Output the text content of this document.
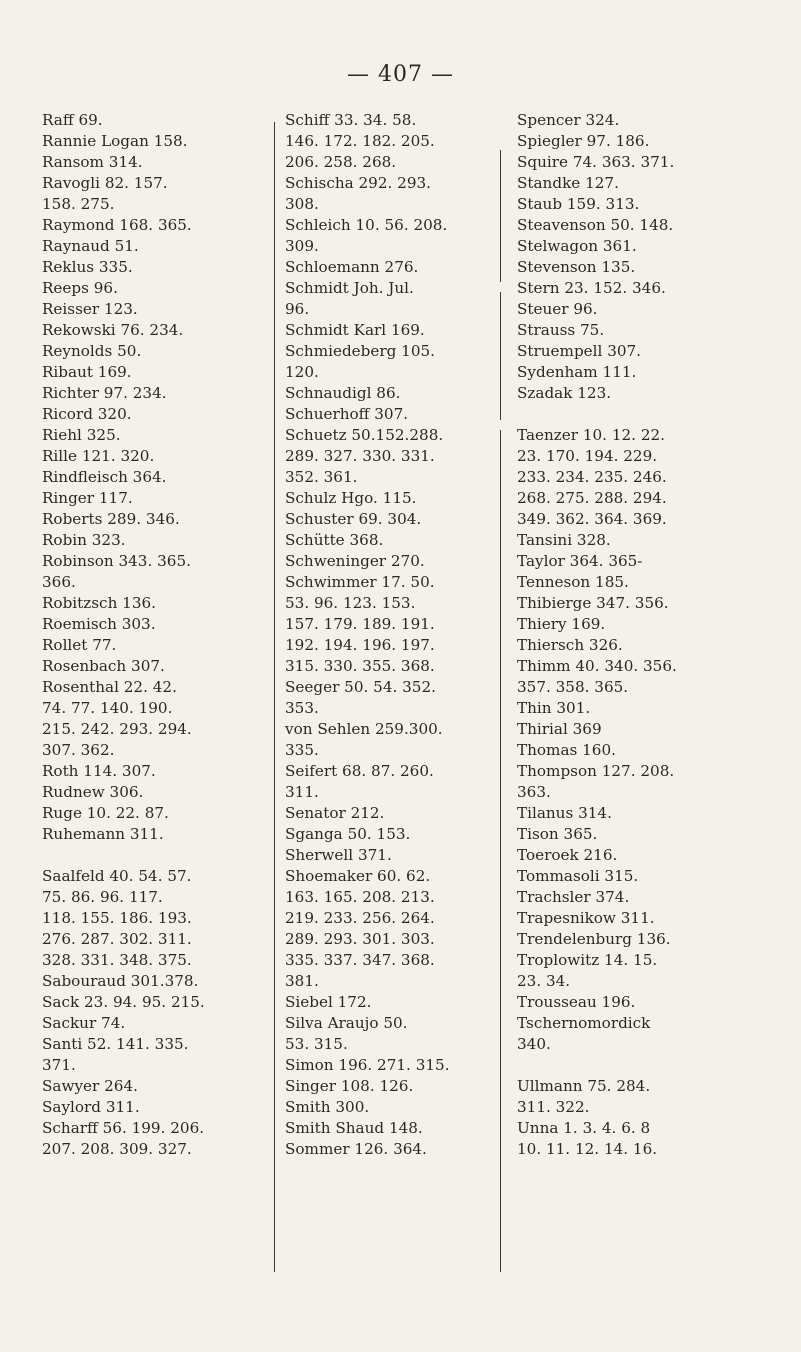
— 407 —
Raff 69.
Rannie Logan 158.
Ransom 314.
Ravogli 82. 157.
158. 275.
Raymond 168. 365.
Raynaud 51.
Reklus 335.
Reeps 96.
Reisser 123.
Rekowski 76. 234.
Reynolds 50.
Ribaut 169.
Richter 97. 234.
Ricord 320.
Riehl 325.
Rille 121. 320.
Rindfleisch 364.
Ringer 117.
Roberts 289. 346.
Robin 323.
Robinson 343. 365.
366.
Robitzsch 136.
Roemisch 303.
Rollet 77.
Rosenbach 307.
Rosenthal 22. 42.
74. 77. 140. 190.
215. 242. 293. 294.
307. 362.
Roth 114. 307.
Rudnew 306.
Ruge 10. 22. 87.
Ruhemann 311.
Saalfeld 40. 54. 57.
75. 86. 96. 117.
118. 155. 186. 193.
276. 287. 302. 311.
328. 331. 348. 375.
Sabouraud 301.378.
Sack 23. 94. 95. 215.
Sackur 74.
Santi 52. 141. 335.
371.
Sawyer 264.
Saylord 311.
Scharff 56. 199. 206.
207. 208. 309. 327.
Schiff 33. 34. 58.
146. 172. 182. 205.
206. 258. 268.
Schischa 292. 293.
308.
Schleich 10. 56. 208.
309.
Schloemann 276.
Schmidt Joh. Jul.
96.
Schmidt Karl 169.
Schmiedeberg 105.
120.
Schnaudigl 86.
Schuerhoff 307.
Schuetz 50.152.288.
289. 327. 330. 331.
352. 361.
Schulz Hgo. 115.
Schuster 69. 304.
Schütte 368.
Schweninger 270.
Schwimmer 17. 50.
53. 96. 123. 153.
157. 179. 189. 191.
192. 194. 196. 197.
315. 330. 355. 368.
Seeger 50. 54. 352.
353.
von Sehlen 259.300.
335.
Seifert 68. 87. 260.
311.
Senator 212.
Sganga 50. 153.
Sherwell 371.
Shoemaker 60. 62.
163. 165. 208. 213.
219. 233. 256. 264.
289. 293. 301. 303.
335. 337. 347. 368.
381.
Siebel 172.
Silva Araujo 50.
53. 315.
Simon 196. 271. 315.
Singer 108. 126.
Smith 300.
Smith Shaud 148.
Sommer 126. 364.
Spencer 324.
Spiegler 97. 186.
Squire 74. 363. 371.
Standke 127.
Staub 159. 313.
Steavenson 50. 148.
Stelwagon 361.
Stevenson 135.
Stern 23. 152. 346.
Steuer 96.
Strauss 75.
Struempell 307.
Sydenham 111.
Szadak 123.
Taenzer 10. 12. 22.
23. 170. 194. 229.
233. 234. 235. 246.
268. 275. 288. 294.
349. 362. 364. 369.
Tansini 328.
Taylor 364. 365-
Tenneson 185.
Thibierge 347. 356.
Thiery 169.
Thiersch 326.
Thimm 40. 340. 356.
357. 358. 365.
Thin 301.
Thirial 369
Thomas 160.
Thompson 127. 208.
363.
Tilanus 314.
Tison 365.
Toeroek 216.
Tommasoli 315.
Trachsler 374.
Trapesnikow 311.
Trendelenburg 136.
Troplowitz 14. 15.
23. 34.
Trousseau 196.
Tschernomordick
340.
Ullmann 75. 284.
311. 322.
Unna 1. 3. 4. 6. 8
10. 11. 12. 14. 16.
